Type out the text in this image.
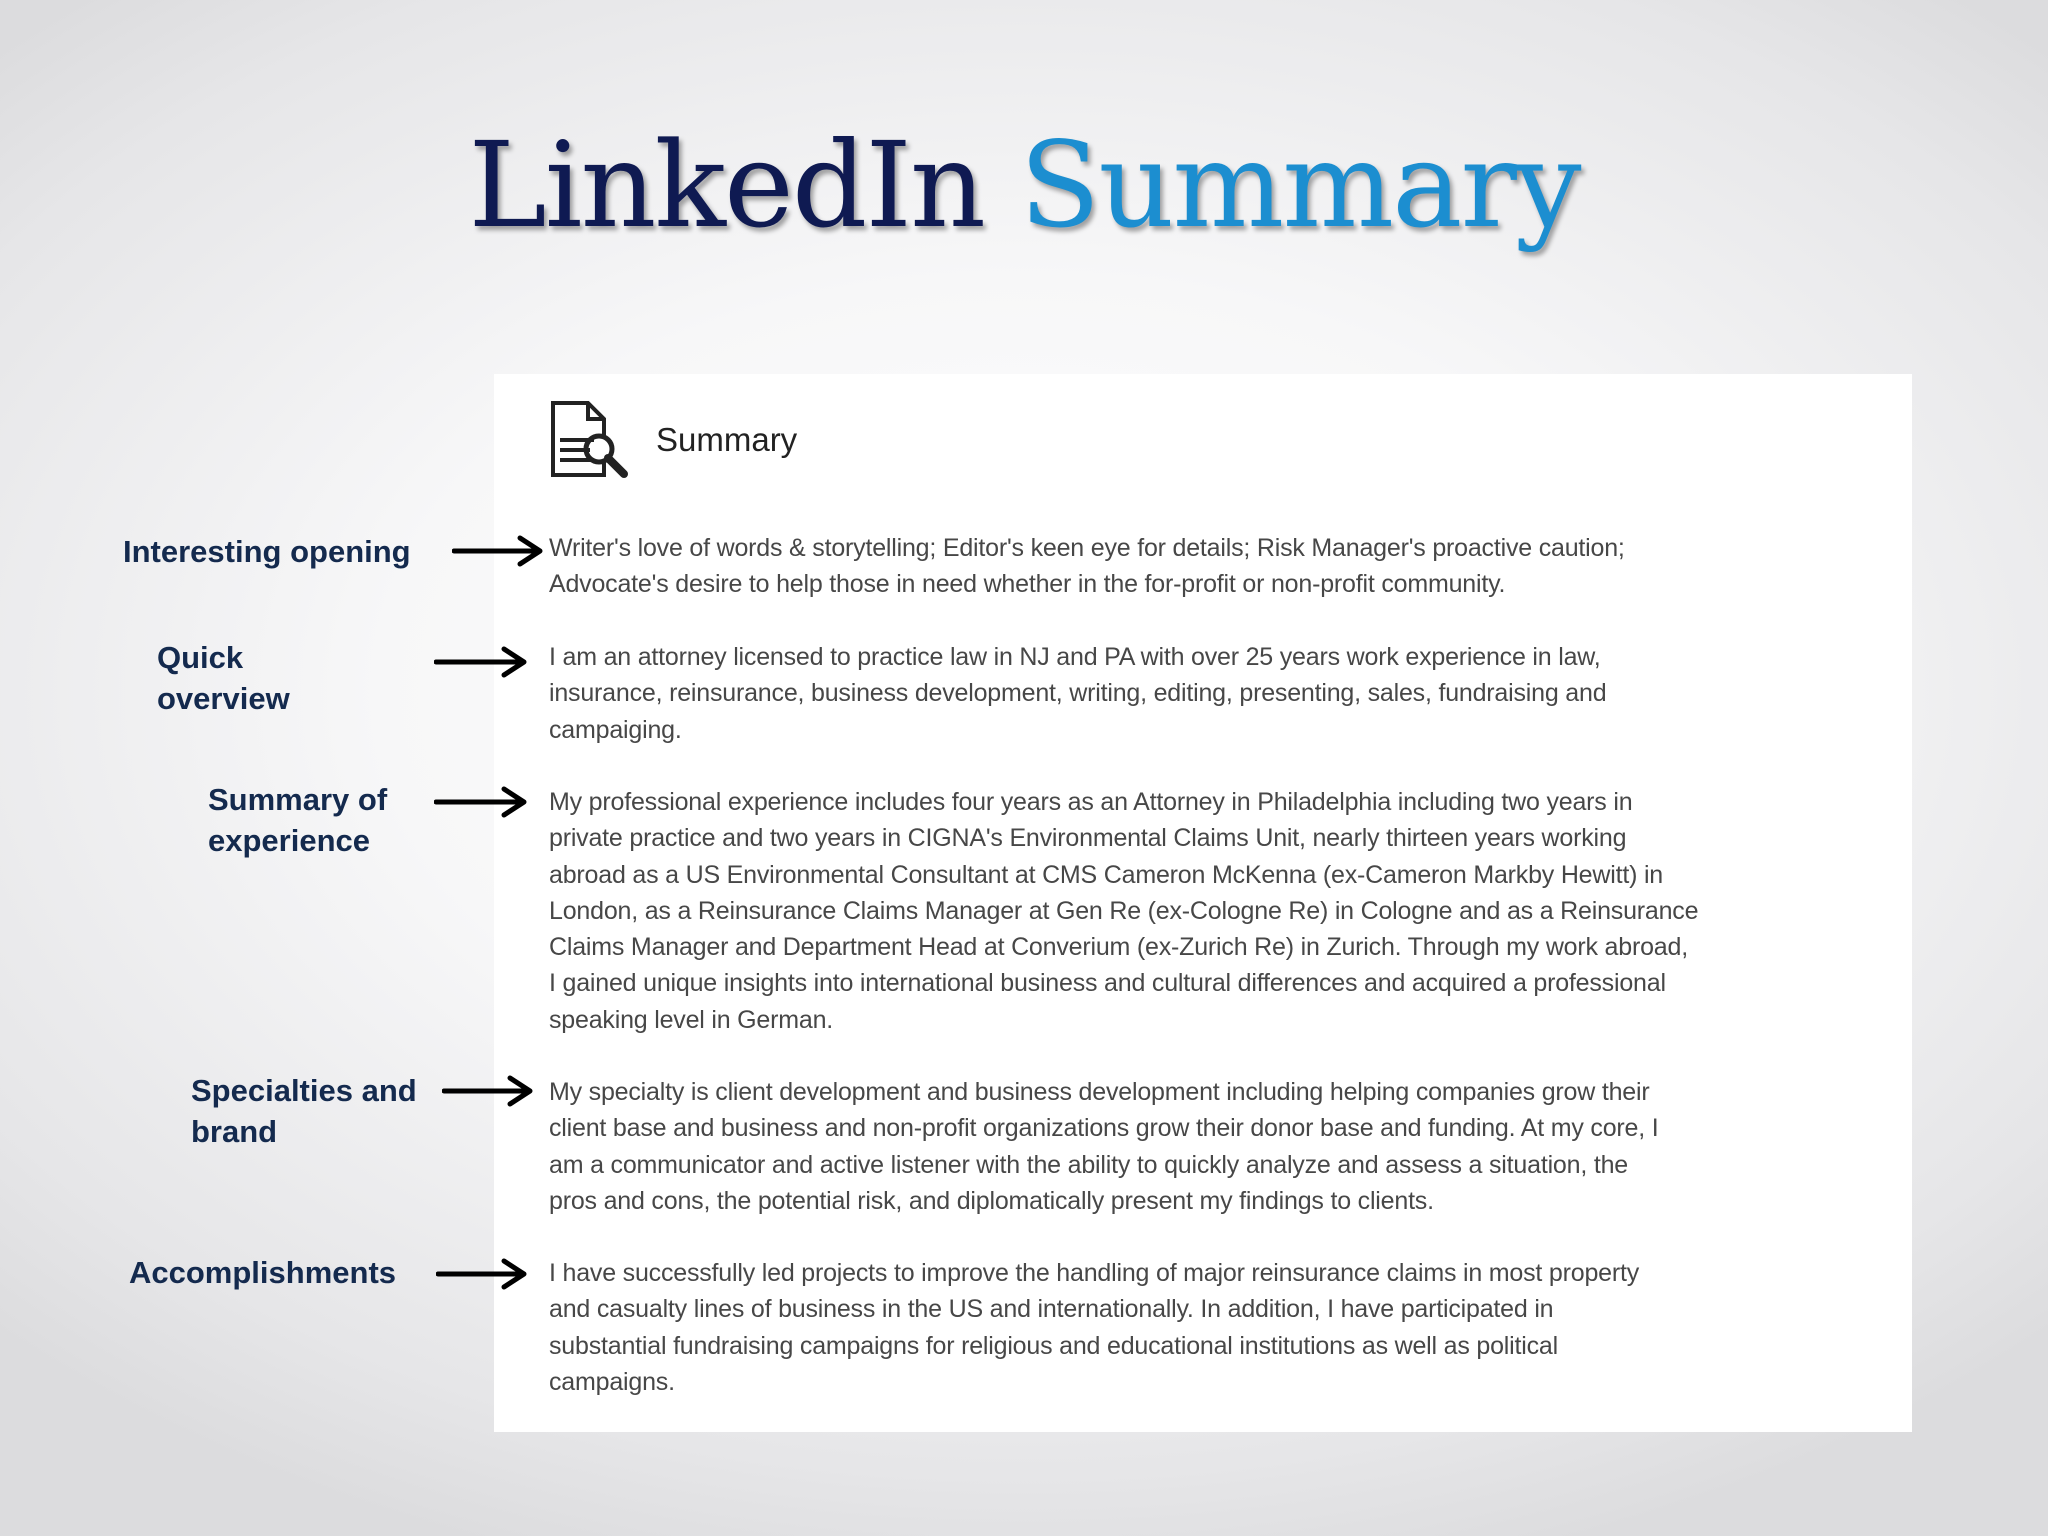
LinkedIn Summary
Summary
Writer's love of words & storytelling; Editor's keen eye for details; Risk Manager's proactive caution;
Advocate's desire to help those in need whether in the for-profit or non-profit community.
I am an attorney licensed to practice law in NJ and PA with over 25 years work experience in law,
insurance, reinsurance, business development, writing, editing, presenting, sales, fundraising and
campaiging.
My professional experience includes four years as an Attorney in Philadelphia including two years in
private practice and two years in CIGNA's Environmental Claims Unit, nearly thirteen years working
abroad as a US Environmental Consultant at CMS Cameron McKenna (ex-Cameron Markby Hewitt) in
London, as a Reinsurance Claims Manager at Gen Re (ex-Cologne Re) in Cologne and as a Reinsurance
Claims Manager and Department Head at Converium (ex-Zurich Re) in Zurich. Through my work abroad,
I gained unique insights into international business and cultural differences and acquired a professional
speaking level in German.
My specialty is client development and business development including helping companies grow their
client base and business and non-profit organizations grow their donor base and funding. At my core, I
am a communicator and active listener with the ability to quickly analyze and assess a situation, the
pros and cons, the potential risk, and diplomatically present my findings to clients.
I have successfully led projects to improve the handling of major reinsurance claims in most property
and casualty lines of business in the US and internationally. In addition, I have participated in
substantial fundraising campaigns for religious and educational institutions as well as political
campaigns.
Interesting opening
Quick
overview
Summary of
experience
Specialties and
brand
Accomplishments
